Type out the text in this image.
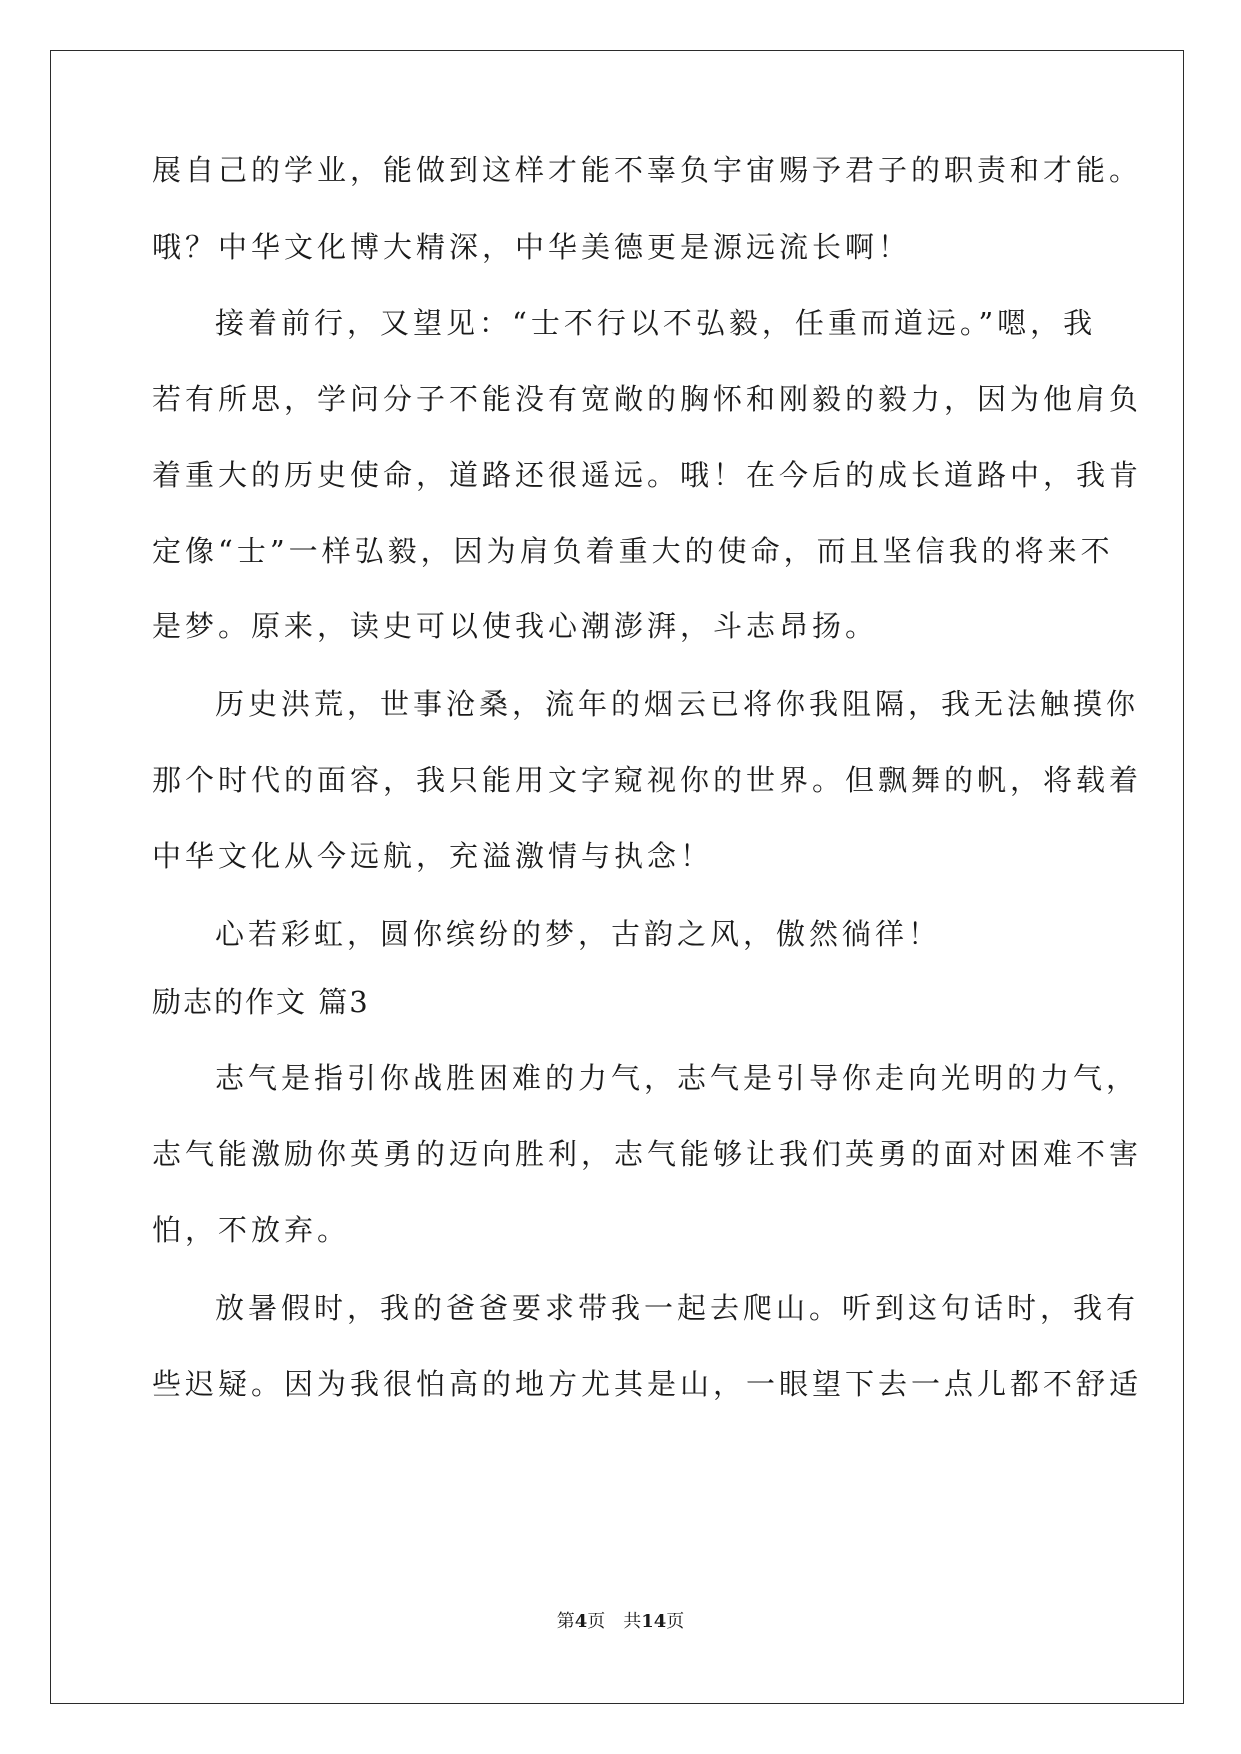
展自己的学业，能做到这样才能不辜负宇宙赐予君子的职责和才能。
哦？中华文化博大精深，中华美德更是源远流长啊！
接着前行，又望见：“士不行以不弘毅，任重而道远。”嗯，我
若有所思，学问分子不能没有宽敞的胸怀和刚毅的毅力，因为他肩负
着重大的历史使命，道路还很遥远。哦！在今后的成长道路中，我肯
定像“士”一样弘毅，因为肩负着重大的使命，而且坚信我的将来不
是梦。原来，读史可以使我心潮澎湃，斗志昂扬。
历史洪荒，世事沧桑，流年的烟云已将你我阻隔，我无法触摸你
那个时代的面容，我只能用文字窥视你的世界。但飘舞的帆，将载着
中华文化从今远航，充溢激情与执念！
心若彩虹，圆你缤纷的梦，古韵之风，傲然徜徉！
励志的作文 篇3
志气是指引你战胜困难的力气，志气是引导你走向光明的力气，
志气能激励你英勇的迈向胜利，志气能够让我们英勇的面对困难不害
怕，不放弃。
放暑假时，我的爸爸要求带我一起去爬山。听到这句话时，我有
些迟疑。因为我很怕高的地方尤其是山，一眼望下去一点儿都不舒适
第4页 共14页
